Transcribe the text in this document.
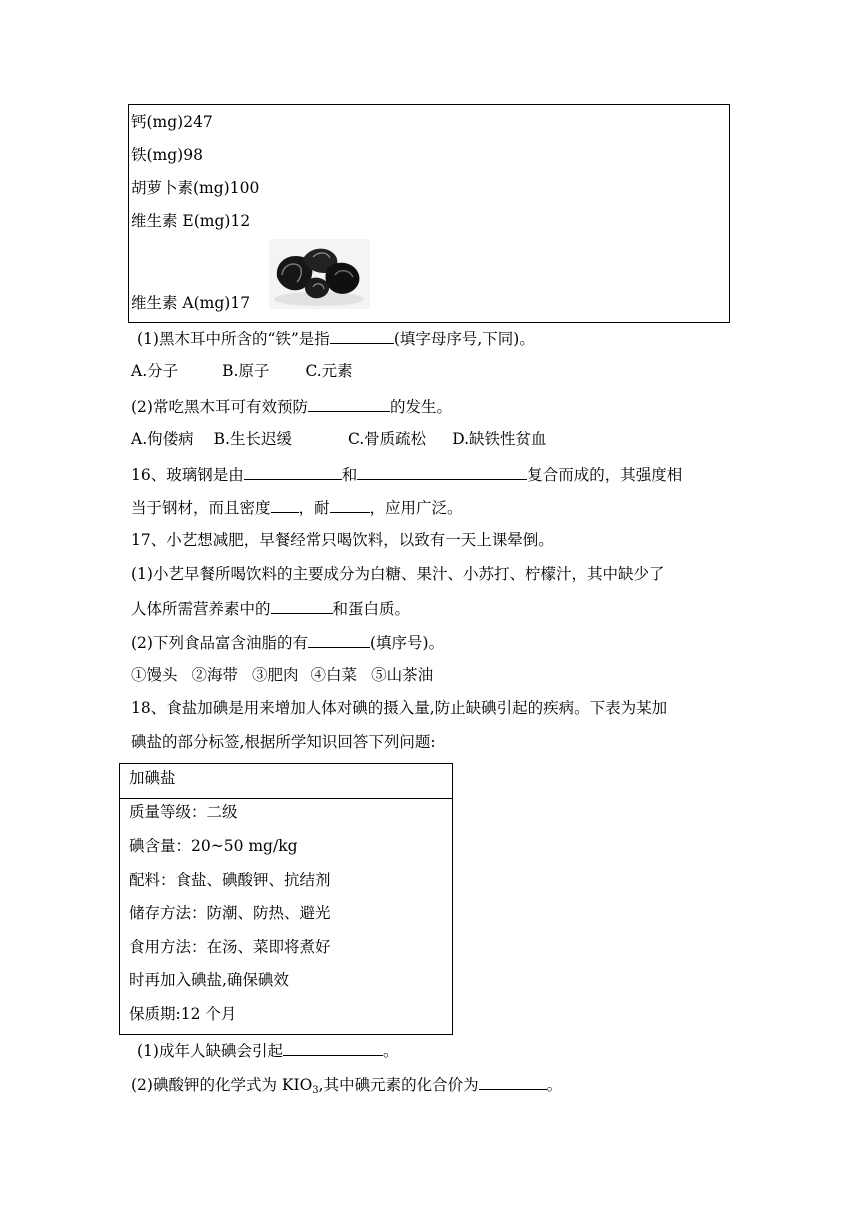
钙(mg)247
铁(mg)98
胡萝卜素(mg)100
维生素 E(mg)12
维生素 A(mg)17
(1)黑木耳中所含的“铁”是指	(填字母序号,下同)。
A.分子	B.原子 C.元素
(2)常吃黑木耳可有效预防	的发生。
A.佝偻病 B.生长迟缓	C.骨质疏松 D.缺铁性贫血
16、玻璃钢是由	和	复合而成的，其强度相
当于钢材，而且密度 ，耐	，应用广泛。
17、小艺想减肥，早餐经常只喝饮料，以致有一天上课晕倒。
(1)小艺早餐所喝饮料的主要成分为白糖、果汁、小苏打、柠檬汁，其中缺少了
人体所需营养素中的	和蛋白质。
(2)下列食品富含油脂的有	(填序号)。
①馒头 ②海带 ③肥肉 ④白菜 ⑤山茶油
18、食盐加碘是用来增加人体对碘的摄入量,防止缺碘引起的疾病。下表为某加
碘盐的部分标签,根据所学知识回答下列问题:
加碘盐
质量等级：二级
碘含量：20~50 mg/kg
配料：食盐、碘酸钾、抗结剂
储存方法：防潮、防热、避光
食用方法：在汤、菜即将煮好
时再加入碘盐,确保碘效
保质期:12 个月
(1)成年人缺碘会引起	。
(2)碘酸钾的化学式为 $KIO_3$,其中碘元素的化合价为	。
